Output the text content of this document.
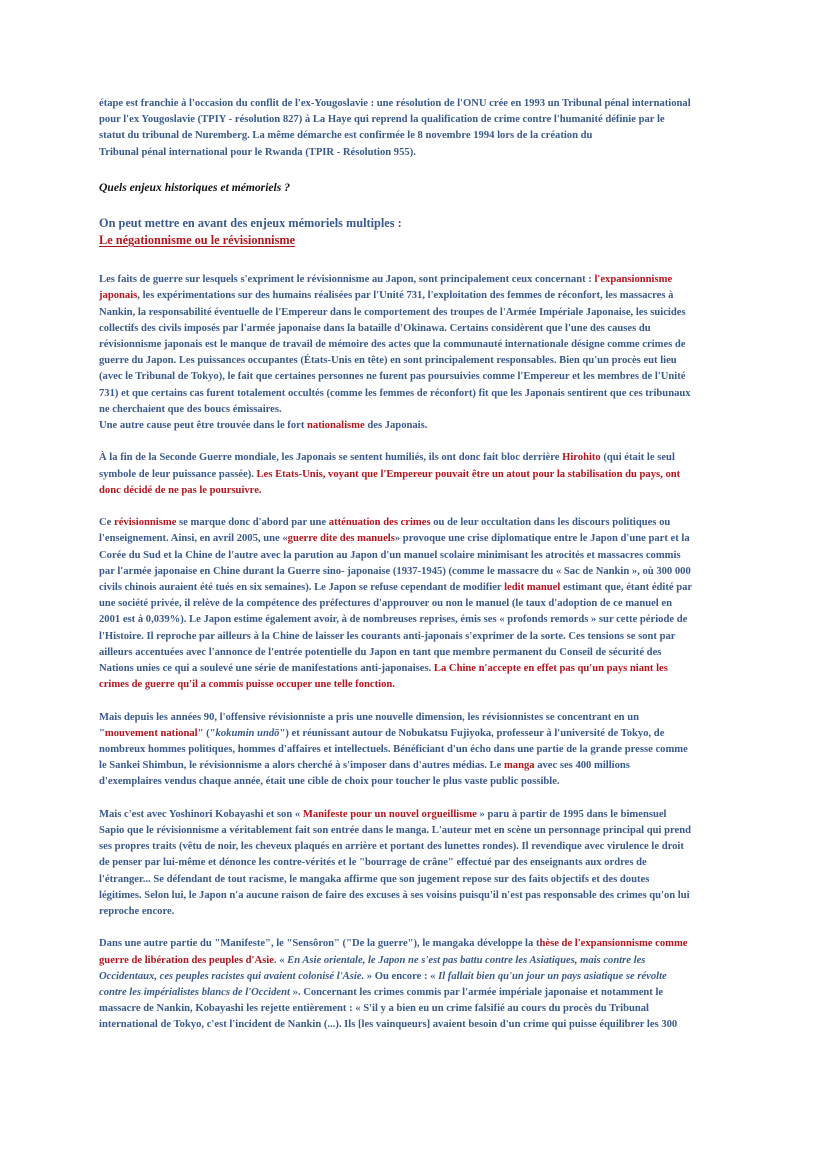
étape est franchie à l'occasion du conflit de l'ex-Yougoslavie : une résolution de l'ONU crée en 1993 un Tribunal pénal international
pour l'ex Yougoslavie (TPIY - résolution 827) à La Haye qui reprend la qualification de crime contre l'humanité définie par le
statut du tribunal de Nuremberg. La même démarche est confirmée le 8 novembre 1994 lors de la création du
Tribunal pénal international pour le Rwanda (TPIR - Résolution 955).

Quels enjeux historiques et mémoriels ?

On peut mettre en avant des enjeux mémoriels multiples :

Le négationnisme ou le révisionnisme

Les faits de guerre sur lesquels s'expriment le révisionnisme au Japon, sont principalement ceux concernant : l'expansionnisme
japonais, les expérimentations sur des humains réalisées par l'Unité 731, l'exploitation des femmes de réconfort, les massacres à
Nankin, la responsabilité éventuelle de l'Empereur dans le comportement des troupes de l'Armée Impériale Japonaise, les suicides
collectifs des civils imposés par l'armée japonaise dans la bataille d'Okinawa. Certains considèrent que l'une des causes du
révisionnisme japonais est le manque de travail de mémoire des actes que la communauté internationale désigne comme crimes de
guerre du Japon. Les puissances occupantes (États-Unis en tête) en sont principalement responsables. Bien qu'un procès eut lieu
(avec le Tribunal de Tokyo), le fait que certaines personnes ne furent pas poursuivies comme l'Empereur et les membres de l'Unité
731) et que certains cas furent totalement occultés (comme les femmes de réconfort) fit que les Japonais sentirent que ces tribunaux
ne cherchaient que des boucs émissaires.
Une autre cause peut être trouvée dans le fort nationalisme des Japonais.

À la fin de la Seconde Guerre mondiale, les Japonais se sentent humiliés, ils ont donc fait bloc derrière Hirohito (qui était le seul
symbole de leur puissance passée). Les Etats-Unis, voyant que l'Empereur pouvait être un atout pour la stabilisation du pays, ont
donc décidé de ne pas le poursuivre.

Ce révisionnisme se marque donc d'abord par une atténuation des crimes ou de leur occultation dans les discours politiques ou
l'enseignement. Ainsi, en avril 2005, une «guerre dite des manuels» provoque une crise diplomatique entre le Japon d'une part et la
Corée du Sud et la Chine de l'autre avec la parution au Japon d'un manuel scolaire minimisant les atrocités et massacres commis
par l'armée japonaise en Chine durant la Guerre sino- japonaise (1937-1945) (comme le massacre du « Sac de Nankin », où 300 000
civils chinois auraient été tués en six semaines). Le Japon se refuse cependant de modifier ledit manuel estimant que, étant édité par
une société privée, il relève de la compétence des préfectures d'approuver ou non le manuel (le taux d'adoption de ce manuel en
2001 est à 0,039%). Le Japon estime également avoir, à de nombreuses reprises, émis ses « profonds remords » sur cette période de
l'Histoire. Il reproche par ailleurs à la Chine de laisser les courants anti-japonais s'exprimer de la sorte. Ces tensions se sont par
ailleurs accentuées avec l'annonce de l'entrée potentielle du Japon en tant que membre permanent du Conseil de sécurité des
Nations unies ce qui a soulevé une série de manifestations anti-japonaises. La Chine n'accepte en effet pas qu'un pays niant les
crimes de guerre qu'il a commis puisse occuper une telle fonction.

Mais depuis les années 90, l'offensive révisionniste a pris une nouvelle dimension, les révisionnistes se concentrant en un
"mouvement national" ("kokumin undō") et réunissant autour de Nobukatsu Fujiyoka, professeur à l'université de Tokyo, de
nombreux hommes politiques, hommes d'affaires et intellectuels. Bénéficiant d'un écho dans une partie de la grande presse comme
le Sankei Shimbun, le révisionnisme a alors cherché à s'imposer dans d'autres médias. Le manga avec ses 400 millions
d'exemplaires vendus chaque année, était une cible de choix pour toucher le plus vaste public possible.

Mais c'est avec Yoshinori Kobayashi et son « Manifeste pour un nouvel orgueillisme » paru à partir de 1995 dans le bimensuel
Sapio que le révisionnisme a véritablement fait son entrée dans le manga. L'auteur met en scène un personnage principal qui prend
ses propres traits (vêtu de noir, les cheveux plaqués en arrière et portant des lunettes rondes). Il revendique avec virulence le droit
de penser par lui-même et dénonce les contre-vérités et le "bourrage de crâne" effectué par des enseignants aux ordres de
l'étranger... Se défendant de tout racisme, le mangaka affirme que son jugement repose sur des faits objectifs et des doutes
légitimes. Selon lui, le Japon n'a aucune raison de faire des excuses à ses voisins puisqu'il n'est pas responsable des crimes qu'on lui
reproche encore.

Dans une autre partie du "Manifeste", le "Sensôron" ("De la guerre"), le mangaka développe la thèse de l'expansionnisme comme
guerre de libération des peuples d'Asie. « En Asie orientale, le Japon ne s'est pas battu contre les Asiatiques, mais contre les
Occidentaux, ces peuples racistes qui avaient colonisé l'Asie. » Ou encore : « Il fallait bien qu'un jour un pays asiatique se révolte
contre les impérialistes blancs de l'Occident ». Concernant les crimes commis par l'armée impériale japonaise et notamment le
massacre de Nankin, Kobayashi les rejette entièrement : « S'il y a bien eu un crime falsifié au cours du procès du Tribunal
international de Tokyo, c'est l'incident de Nankin (...). Ils [les vainqueurs] avaient besoin d'un crime qui puisse équilibrer les 300
